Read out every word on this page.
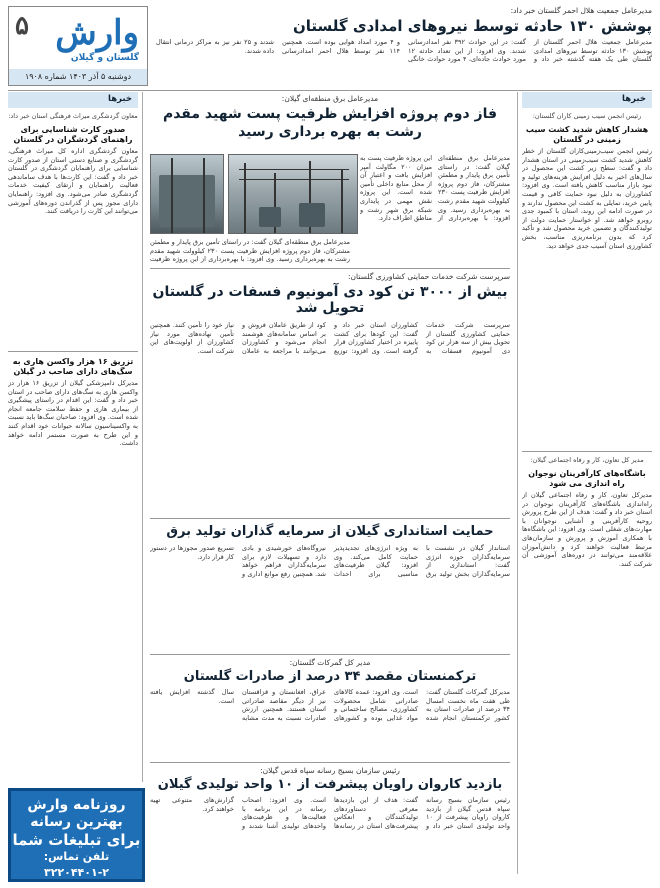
۵ وارش
گلستان و گیلان
دوشنبه ۵ آذر ۱۴۰۳ شماره ۱۹۰۸
مدیرعامل جمعیت هلال احمر گلستان خبر داد:
پوشش ۱۳۰ حادثه توسط نیروهای امدادی گلستان
مدیرعامل جمعیت هلال احمر گلستان از پوشش ۱۳۰ حادثه توسط نیروهای امدادی گلستان طی یک هفته گذشته خبر داد و گفت: در این حوادث ۳۹۲ نفر امدادرسانی شدند. وی افزود: از این تعداد حادثه ۱۲ مورد حوادث جاده‌ای، ۴ مورد حوادث خانگی و ۴ مورد امداد هوایی بوده است. همچنین ۱۱۴ نفر توسط هلال احمر امدادرسانی شدند و ۲۵ نفر نیز به مراکز درمانی انتقال داده شدند.
خبرها
رئیس انجمن سیب زمینی کاران گلستان:
هشدار کاهش شدید کشت سیب زمینی در گلستان
رئیس انجمن سیب‌زمینی‌کاران گلستان از خطر کاهش شدید کشت سیب‌زمینی در استان هشدار داد و گفت: سطح زیر کشت این محصول در سال‌های اخیر به دلیل افزایش هزینه‌های تولید و نبود بازار مناسب کاهش یافته است. وی افزود: کشاورزان به دلیل نبود حمایت کافی و قیمت پایین خرید، تمایلی به کشت این محصول ندارند و در صورت ادامه این روند، استان با کمبود جدی روبرو خواهد شد. او خواستار حمایت دولت از تولیدکنندگان و تضمین خرید محصول شد و تأکید کرد که بدون برنامه‌ریزی مناسب، بخش کشاورزی استان آسیب جدی خواهد دید.
مدیر کل تعاون، کار و رفاه اجتماعی گیلان:
باشگاه‌های کارآفرینان نوجوان راه اندازی می شود
مدیرکل تعاون، کار و رفاه اجتماعی گیلان از راه‌اندازی باشگاه‌های کارآفرینان نوجوان در استان خبر داد و گفت: هدف از این طرح پرورش روحیه کارآفرینی و آشنایی نوجوانان با مهارت‌های شغلی است. وی افزود: این باشگاه‌ها با همکاری آموزش و پرورش و سازمان‌های مرتبط فعالیت خواهند کرد و دانش‌آموزان علاقه‌مند می‌توانند در دوره‌های آموزشی آن شرکت کنند.
خبرها
معاون گردشگری میراث فرهنگی استان خبر داد:
صدور کارت شناسایی برای راهنمای گردشگران در گلستان
معاون گردشگری اداره کل میراث فرهنگی، گردشگری و صنایع دستی استان از صدور کارت شناسایی برای راهنمایان گردشگری در گلستان خبر داد و گفت: این کارت‌ها با هدف ساماندهی فعالیت راهنمایان و ارتقای کیفیت خدمات گردشگری صادر می‌شود. وی افزود: راهنمایان دارای مجوز پس از گذراندن دوره‌های آموزشی می‌توانند این کارت را دریافت کنند.
تزریق ۱۶ هزار واکسن هاری به سگ‌های دارای صاحب در گیلان
مدیرکل دامپزشکی گیلان از تزریق ۱۶ هزار دز واکسن هاری به سگ‌های دارای صاحب در استان خبر داد و گفت: این اقدام در راستای پیشگیری از بیماری هاری و حفظ سلامت جامعه انجام شده است. وی افزود: صاحبان سگ‌ها باید نسبت به واکسیناسیون سالانه حیوانات خود اقدام کنند و این طرح به صورت مستمر ادامه خواهد داشت.
مدیرعامل برق منطقه‌ای گیلان:
فاز دوم پروژه افزایش ظرفیت پست شهید مقدم رشت به بهره برداری رسید
مدیرعامل برق منطقه‌ای گیلان گفت: در راستای تأمین برق پایدار و مطمئن مشترکان، فاز دوم پروژه افزایش ظرفیت پست ۲۳۰ کیلوولت شهید مقدم رشت به بهره‌برداری رسید. وی افزود: با بهره‌برداری از این پروژه ظرفیت پست به میزان ۲۰۰ مگاولت آمپر افزایش یافت و اعتبار آن از محل منابع داخلی تأمین شده است. این پروژه نقش مهمی در پایداری شبکه برق شهر رشت و مناطق اطراف دارد.
مدیرعامل برق منطقه‌ای گیلان گفت: در راستای تأمین برق پایدار و مطمئن مشترکان، فاز دوم پروژه افزایش ظرفیت پست ۲۳۰ کیلوولت شهید مقدم رشت به بهره‌برداری رسید. وی افزود: با بهره‌برداری از این پروژه ظرفیت
سرپرست شرکت خدمات حمایتی کشاورزی گلستان:
بیش از ۳۰۰۰ تن کود دی آمونیوم فسفات در گلستان تحویل شد
سرپرست شرکت خدمات حمایتی کشاورزی گلستان از تحویل بیش از سه هزار تن کود دی آمونیوم فسفات به کشاورزان استان خبر داد و گفت: این کودها برای کشت پاییزه در اختیار کشاورزان قرار گرفته است. وی افزود: توزیع کود از طریق عاملان فروش و بر اساس سامانه‌های هوشمند انجام می‌شود و کشاورزان می‌توانند با مراجعه به عاملان نیاز خود را تأمین کنند. همچنین تأمین نهاده‌های مورد نیاز کشاورزان از اولویت‌های این شرکت است.
حمایت استانداری گیلان از سرمایه گذاران تولید برق
استاندار گیلان در نشست با سرمایه‌گذاران حوزه انرژی گفت: استانداری از سرمایه‌گذاران بخش تولید برق به ویژه انرژی‌های تجدیدپذیر حمایت کامل می‌کند. وی افزود: گیلان ظرفیت‌های مناسبی برای احداث نیروگاه‌های خورشیدی و بادی دارد و تسهیلات لازم برای سرمایه‌گذاران فراهم خواهد شد. همچنین رفع موانع اداری و تسریع صدور مجوزها در دستور کار قرار دارد.
مدیر کل گمرکات گلستان:
ترکمنستان مقصد ۳۴ درصد از صادرات گلستان
مدیرکل گمرکات گلستان گفت: طی هفت ماه نخست امسال ۳۴ درصد از صادرات استان به کشور ترکمنستان انجام شده است. وی افزود: عمده کالاهای صادراتی شامل محصولات کشاورزی، مصالح ساختمانی و مواد غذایی بوده و کشورهای عراق، افغانستان و قزاقستان نیز از دیگر مقاصد صادراتی استان هستند. همچنین ارزش صادرات نسبت به مدت مشابه سال گذشته افزایش یافته است.
رئیس سازمان بسیج رسانه سپاه قدس گیلان:
بازدید کاروان راویان پیشرفت از ۱۰ واحد تولیدی گیلان
رئیس سازمان بسیج رسانه سپاه قدس گیلان از بازدید کاروان راویان پیشرفت از ۱۰ واحد تولیدی استان خبر داد و گفت: هدف از این بازدیدها معرفی دستاوردهای تولیدکنندگان و انعکاس پیشرفت‌های استان در رسانه‌ها است. وی افزود: اصحاب رسانه در این برنامه با فعالیت‌ها و ظرفیت‌های واحدهای تولیدی آشنا شدند و گزارش‌های متنوعی تهیه خواهند کرد.
روزنامه وارش
بهترین رسانه
برای تبلیغات شما
تلفن تماس: ۲-۳۲۲۰۴۴۰۱
